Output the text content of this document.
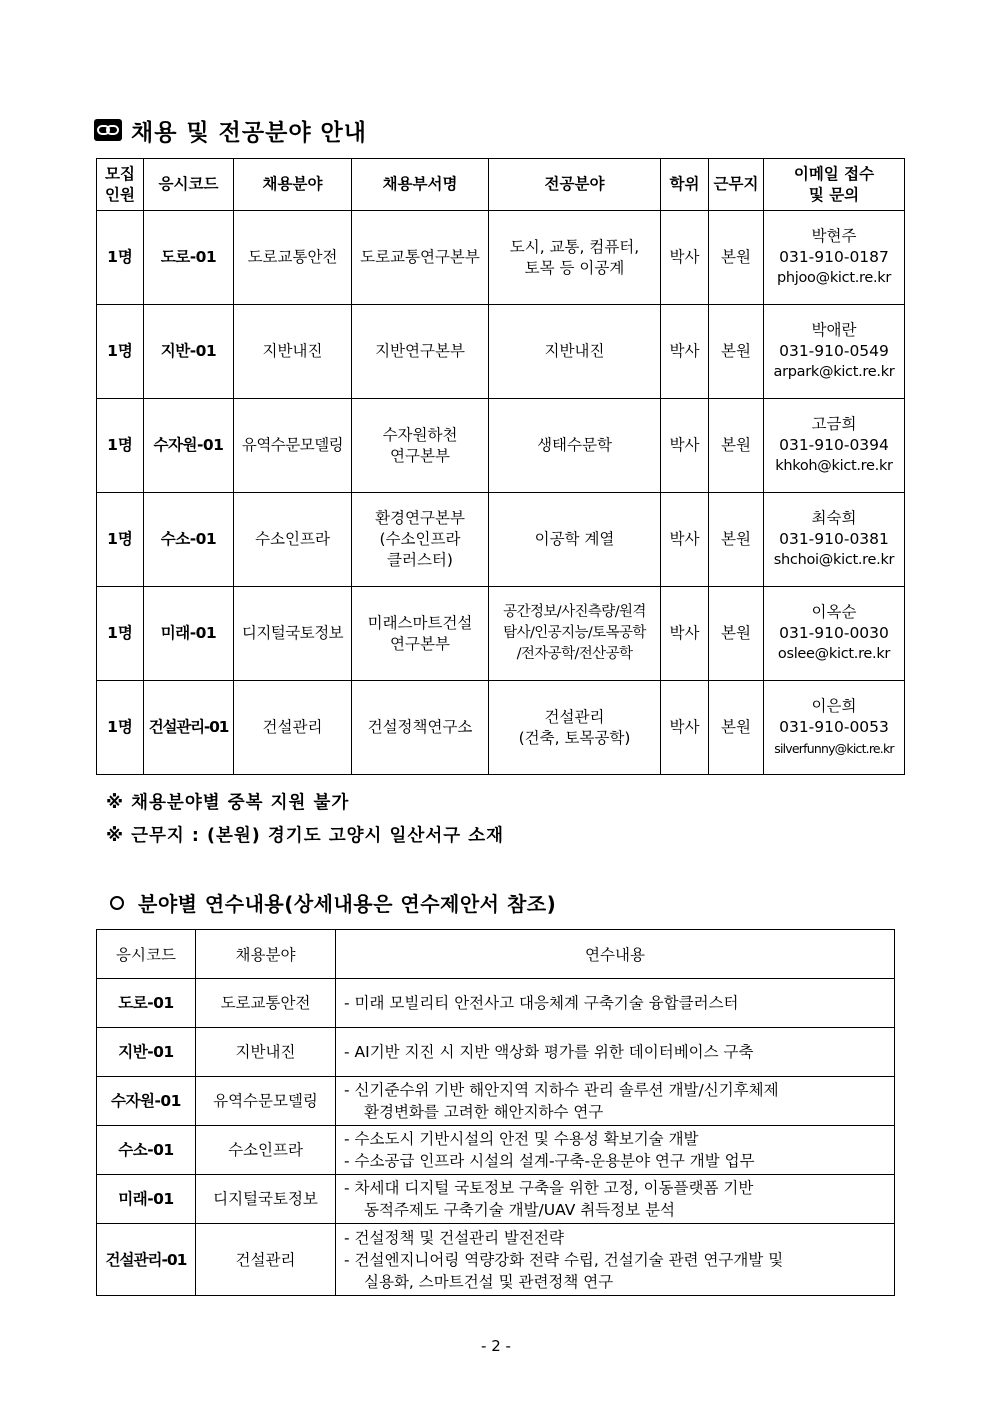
채용 및 전공분야 안내
모집
인원	응시코드	채용분야	채용부서명	전공분야	학위	근무지	이메일 접수
및 문의

1명	도로-01	도로교통안전	도로교통연구본부	도시, 교통, 컴퓨터,
토목 등 이공계	박사	본원	박현주
031-910-0187
phjoo@kict.re.kr

1명	지반-01	지반내진	지반연구본부	지반내진	박사	본원	박애란
031-910-0549
arpark@kict.re.kr

1명	수자원-01	유역수문모델링	수자원하천
연구본부	생태수문학	박사	본원	고금희
031-910-0394
khkoh@kict.re.kr

1명	수소-01	수소인프라	환경연구본부
(수소인프라
클러스터)	이공학 계열	박사	본원	최숙희
031-910-0381
shchoi@kict.re.kr

1명	미래-01	디지털국토정보	미래스마트건설
연구본부	공간정보/사진측량/원격
탐사/인공지능/토목공학
/전자공학/전산공학	박사	본원	이옥순
031-910-0030
oslee@kict.re.kr

1명	건설관리-01	건설관리	건설정책연구소	건설관리
(건축, 토목공학)	박사	본원	이은희
031-910-0053
silverfunny@kict.re.kr
※ 채용분야별 중복 지원 불가
※ 근무지 : (본원) 경기도 고양시 일산서구 소재
분야별 연수내용(상세내용은 연수제안서 참조)
응시코드	채용분야	연수내용
도로-01	도로교통안전	- 미래 모빌리티 안전사고 대응체계 구축기술 융합클러스터

지반-01	지반내진	- AI기반 지진 시 지반 액상화 평가를 위한 데이터베이스 구축

수자원-01	유역수문모델링	- 신기준수위 기반 해안지역 지하수 관리 솔루션 개발/신기후체제
환경변화를 고려한 해안지하수 연구

수소-01	수소인프라	- 수소도시 기반시설의 안전 및 수용성 확보기술 개발
- 수소공급 인프라 시설의 설계-구축-운용분야 연구 개발 업무

미래-01	디지털국토정보	- 차세대 디지털 국토정보 구축을 위한 고정, 이동플랫폼 기반
동적주제도 구축기술 개발/UAV 취득정보 분석

건설관리-01	건설관리	- 건설정책 및 건설관리 발전전략
- 건설엔지니어링 역량강화 전략 수립, 건설기술 관련 연구개발 및
실용화, 스마트건설 및 관련정책 연구
- 2 -
